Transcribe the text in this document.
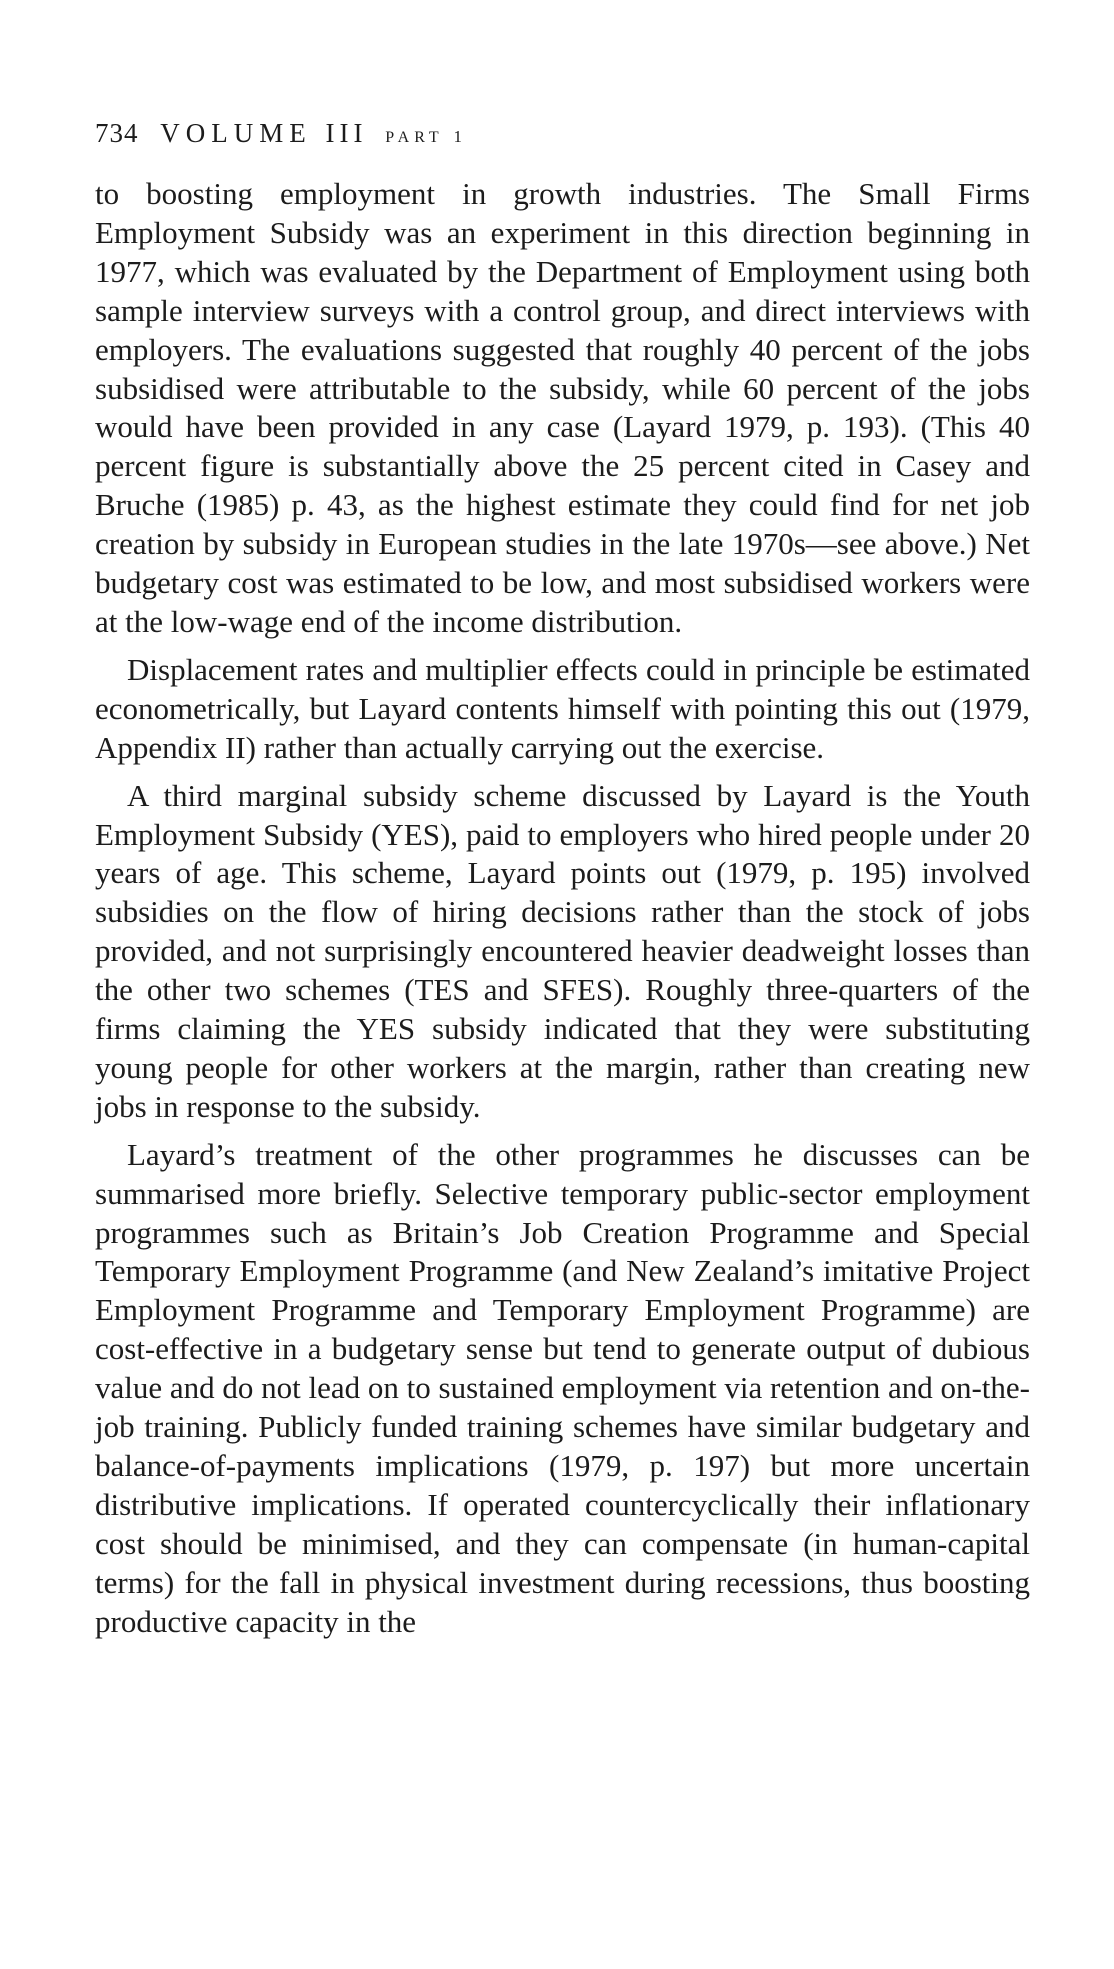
734 VOLUME III PART 1

to boosting employment in growth industries. The Small Firms Employment Subsidy was an experiment in this direction beginning in 1977, which was evaluated by the Department of Employment using both sample interview surveys with a control group, and direct interviews with employers. The evaluations suggested that roughly 40 percent of the jobs subsidised were attributable to the subsidy, while 60 percent of the jobs would have been provided in any case (Layard 1979, p. 193). (This 40 percent figure is substantially above the 25 percent cited in Casey and Bruche (1985) p. 43, as the highest estimate they could find for net job creation by subsidy in European studies in the late 1970s—see above.) Net budgetary cost was estimated to be low, and most subsidised workers were at the low-wage end of the income distribution.

Displacement rates and multiplier effects could in principle be estimated econometrically, but Layard contents himself with pointing this out (1979, Appendix II) rather than actually carrying out the exercise.

A third marginal subsidy scheme discussed by Layard is the Youth Employment Subsidy (YES), paid to employers who hired people under 20 years of age. This scheme, Layard points out (1979, p. 195) involved subsidies on the flow of hiring decisions rather than the stock of jobs provided, and not surprisingly encountered heavier deadweight losses than the other two schemes (TES and SFES). Roughly three-quarters of the firms claiming the YES subsidy indicated that they were substituting young people for other workers at the margin, rather than creating new jobs in response to the subsidy.

Layard’s treatment of the other programmes he discusses can be summarised more briefly. Selective temporary public-sector employment programmes such as Britain’s Job Creation Programme and Special Temporary Employment Programme (and New Zealand’s imitative Project Employment Programme and Temporary Employment Programme) are cost-effective in a budgetary sense but tend to generate output of dubious value and do not lead on to sustained employment via retention and on-the-job training. Publicly funded training schemes have similar budgetary and balance-of-payments implications (1979, p. 197) but more uncertain distributive implications. If operated countercyclically their inflationary cost should be minimised, and they can compensate (in human-capital terms) for the fall in physical investment during recessions, thus boosting productive capacity in the
